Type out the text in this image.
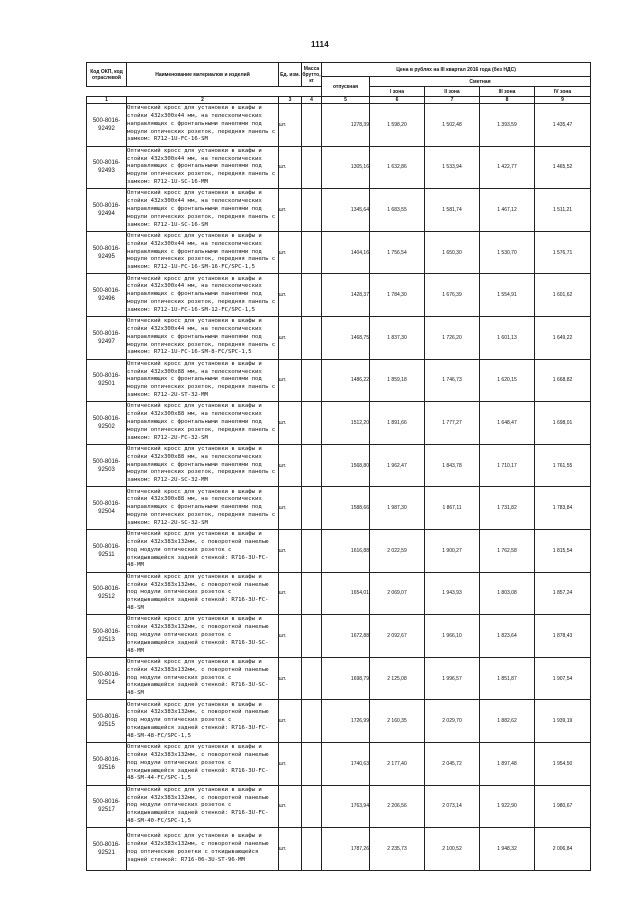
1114
Код ОКП, код отраслевой	Наименование материалов и изделий	Ед. изм.	Масса брутто, кг	Цена в рублях на III квартал 2016 года (без НДС)				
				отпускная	Сметная			
					I зона	II зона	III зона	IV зона
1	2	3	4	5	6	7	8	9
500-8016-92492	Оптический кросс для установки в шкафы и стойки 432х300х44 мм, на телескопических направляющих с фронтальными панелями под модули оптических розеток, передняя панель с замком: R712-1U-FC-16-SM	шт.		1278,39	1 598,20	1 502,48	1 393,59	1 435,47
500-8016-92493	Оптический кросс для установки в шкафы и стойки 432х300х44 мм, на телескопических направляющих с фронтальными панелями под модули оптических розеток, передняя панель с замком: R712-1U-SC-16-MM	шт.		1305,16	1 632,86	1 533,94	1 422,77	1 465,52
500-8016-92494	Оптический кросс для установки в шкафы и стойки 432х300х44 мм, на телескопических направляющих с фронтальными панелями под модули оптических розеток, передняя панель с замком: R712-1U-SC-16-SM	шт.		1345,64	1 683,55	1 581,74	1 467,12	1 511,21
500-8016-92495	Оптический кросс для установки в шкафы и стойки 432х300х44 мм, на телескопических направляющих с фронтальными панелями под модули оптических розеток, передняя панель с замком: R712-1U-FC-16-SM-16-FC/SPC-1,5	шт.		1404,16	1 756,54	1 650,30	1 530,70	1 576,71
500-8016-92496	Оптический кросс для установки в шкафы и стойки 432х300х44 мм, на телескопических направляющих с фронтальными панелями под модули оптических розеток, передняя панель с замком: R712-1U-FC-16-SM-12-FC/SPC-1,5	шт.		1428,37	1 784,30	1 676,39	1 554,91	1 601,62
500-8016-92497	Оптический кросс для установки в шкафы и стойки 432х300х44 мм, на телескопических направляющих с фронтальными панелями под модули оптических розеток, передняя панель с замком: R712-1U-FC-16-SM-8-FC/SPC-1,5	шт.		1468,75	1 837,30	1 726,20	1 601,13	1 649,22
500-8016-92501	Оптический кросс для установки в шкафы и стойки 432х300х88 мм, на телескопических направляющих с фронтальными панелями под модули оптических розеток, передняя панель с замком: R712-2U-ST-32-MM	шт.		1486,22	1 859,18	1 746,73	1 620,15	1 668,82
500-8016-92502	Оптический кросс для установки в шкафы и стойки 432х300х88 мм, на телескопических направляющих с фронтальными панелями под модули оптических розеток, передняя панель с замком: R712-2U-FC-32-SM	шт.		1512,20	1 891,66	1 777,27	1 648,47	1 698,01
500-8016-92503	Оптический кросс для установки в шкафы и стойки 432х300х88 мм, на телескопических направляющих с фронтальными панелями под модули оптических розеток, передняя панель с замком: R712-2U-SC-32-MM	шт.		1568,80	1 962,47	1 843,78	1 710,17	1 761,55
500-8016-92504	Оптический кросс для установки в шкафы и стойки 432х300х88 мм, на телескопических направляющих с фронтальными панелями под модули оптических розеток, передняя панель с замком: R712-2U-SC-32-SM	шт.		1588,66	1 987,30	1 867,11	1 731,82	1 783,84
500-8016-92511	Оптический кросс для установки в шкафы и стойки 432х383х132мм, с поворотной панелью под модули оптических розеток с откидывающейся задней стенкой: R716-3U-FC-48-MM	шт.		1616,88	2 022,59	1 900,27	1 762,58	1 815,54
500-8016-92512	Оптический кросс для установки в шкафы и стойки 432х383х132мм, с поворотной панелью под модули оптических розеток с откидывающейся задней стенкой: R716-3U-FC-48-SM	шт.		1654,01	2 069,07	1 943,93	1 803,08	1 857,24
500-8016-92513	Оптический кросс для установки в шкафы и стойки 432х383х132мм, с поворотной панелью под модули оптических розеток с откидывающейся задней стенкой: R716-3U-SC-48-MM	шт.		1672,88	2 092,67	1 966,10	1 823,64	1 878,43
500-8016-92514	Оптический кросс для установки в шкафы и стойки 432х383х132мм, с поворотной панелью под модули оптических розеток с откидывающейся задней стенкой: R716-3U-SC-48-SM	шт.		1698,79	2 125,08	1 996,57	1 851,87	1 907,54
500-8016-92515	Оптический кросс для установки в шкафы и стойки 432х383х132мм, с поворотной панелью под модули оптических розеток с откидывающейся задней стенкой: R716-3U-FC-48-SM-48-FC/SPC-1,5	шт.		1726,99	2 160,35	2 029,70	1 882,62	1 939,19
500-8016-92516	Оптический кросс для установки в шкафы и стойки 432х383х132мм, с поворотной панелью под модули оптических розеток с откидывающейся задней стенкой: R716-3U-FC-48-SM-44-FC/SPC-1,5	шт.		1740,63	2 177,40	2 045,72	1 897,48	1 954,50
500-8016-92517	Оптический кросс для установки в шкафы и стойки 432х383х132мм, с поворотной панелью под модули оптических розеток с откидывающейся задней стенкой: R716-3U-FC-48-SM-40-FC/SPC-1,5	шт.		1763,94	2 206,56	2 073,14	1 922,90	1 980,67
500-8016-92521	Оптический кросс для установки в шкафы и стойки 432х383х132мм, с поворотной панелью под оптические розетки с откидывающейся задней стенкой: R716-06-3U-ST-96-MM	шт.		1787,26	2 235,73	2 100,52	1 948,32	2 006,84
